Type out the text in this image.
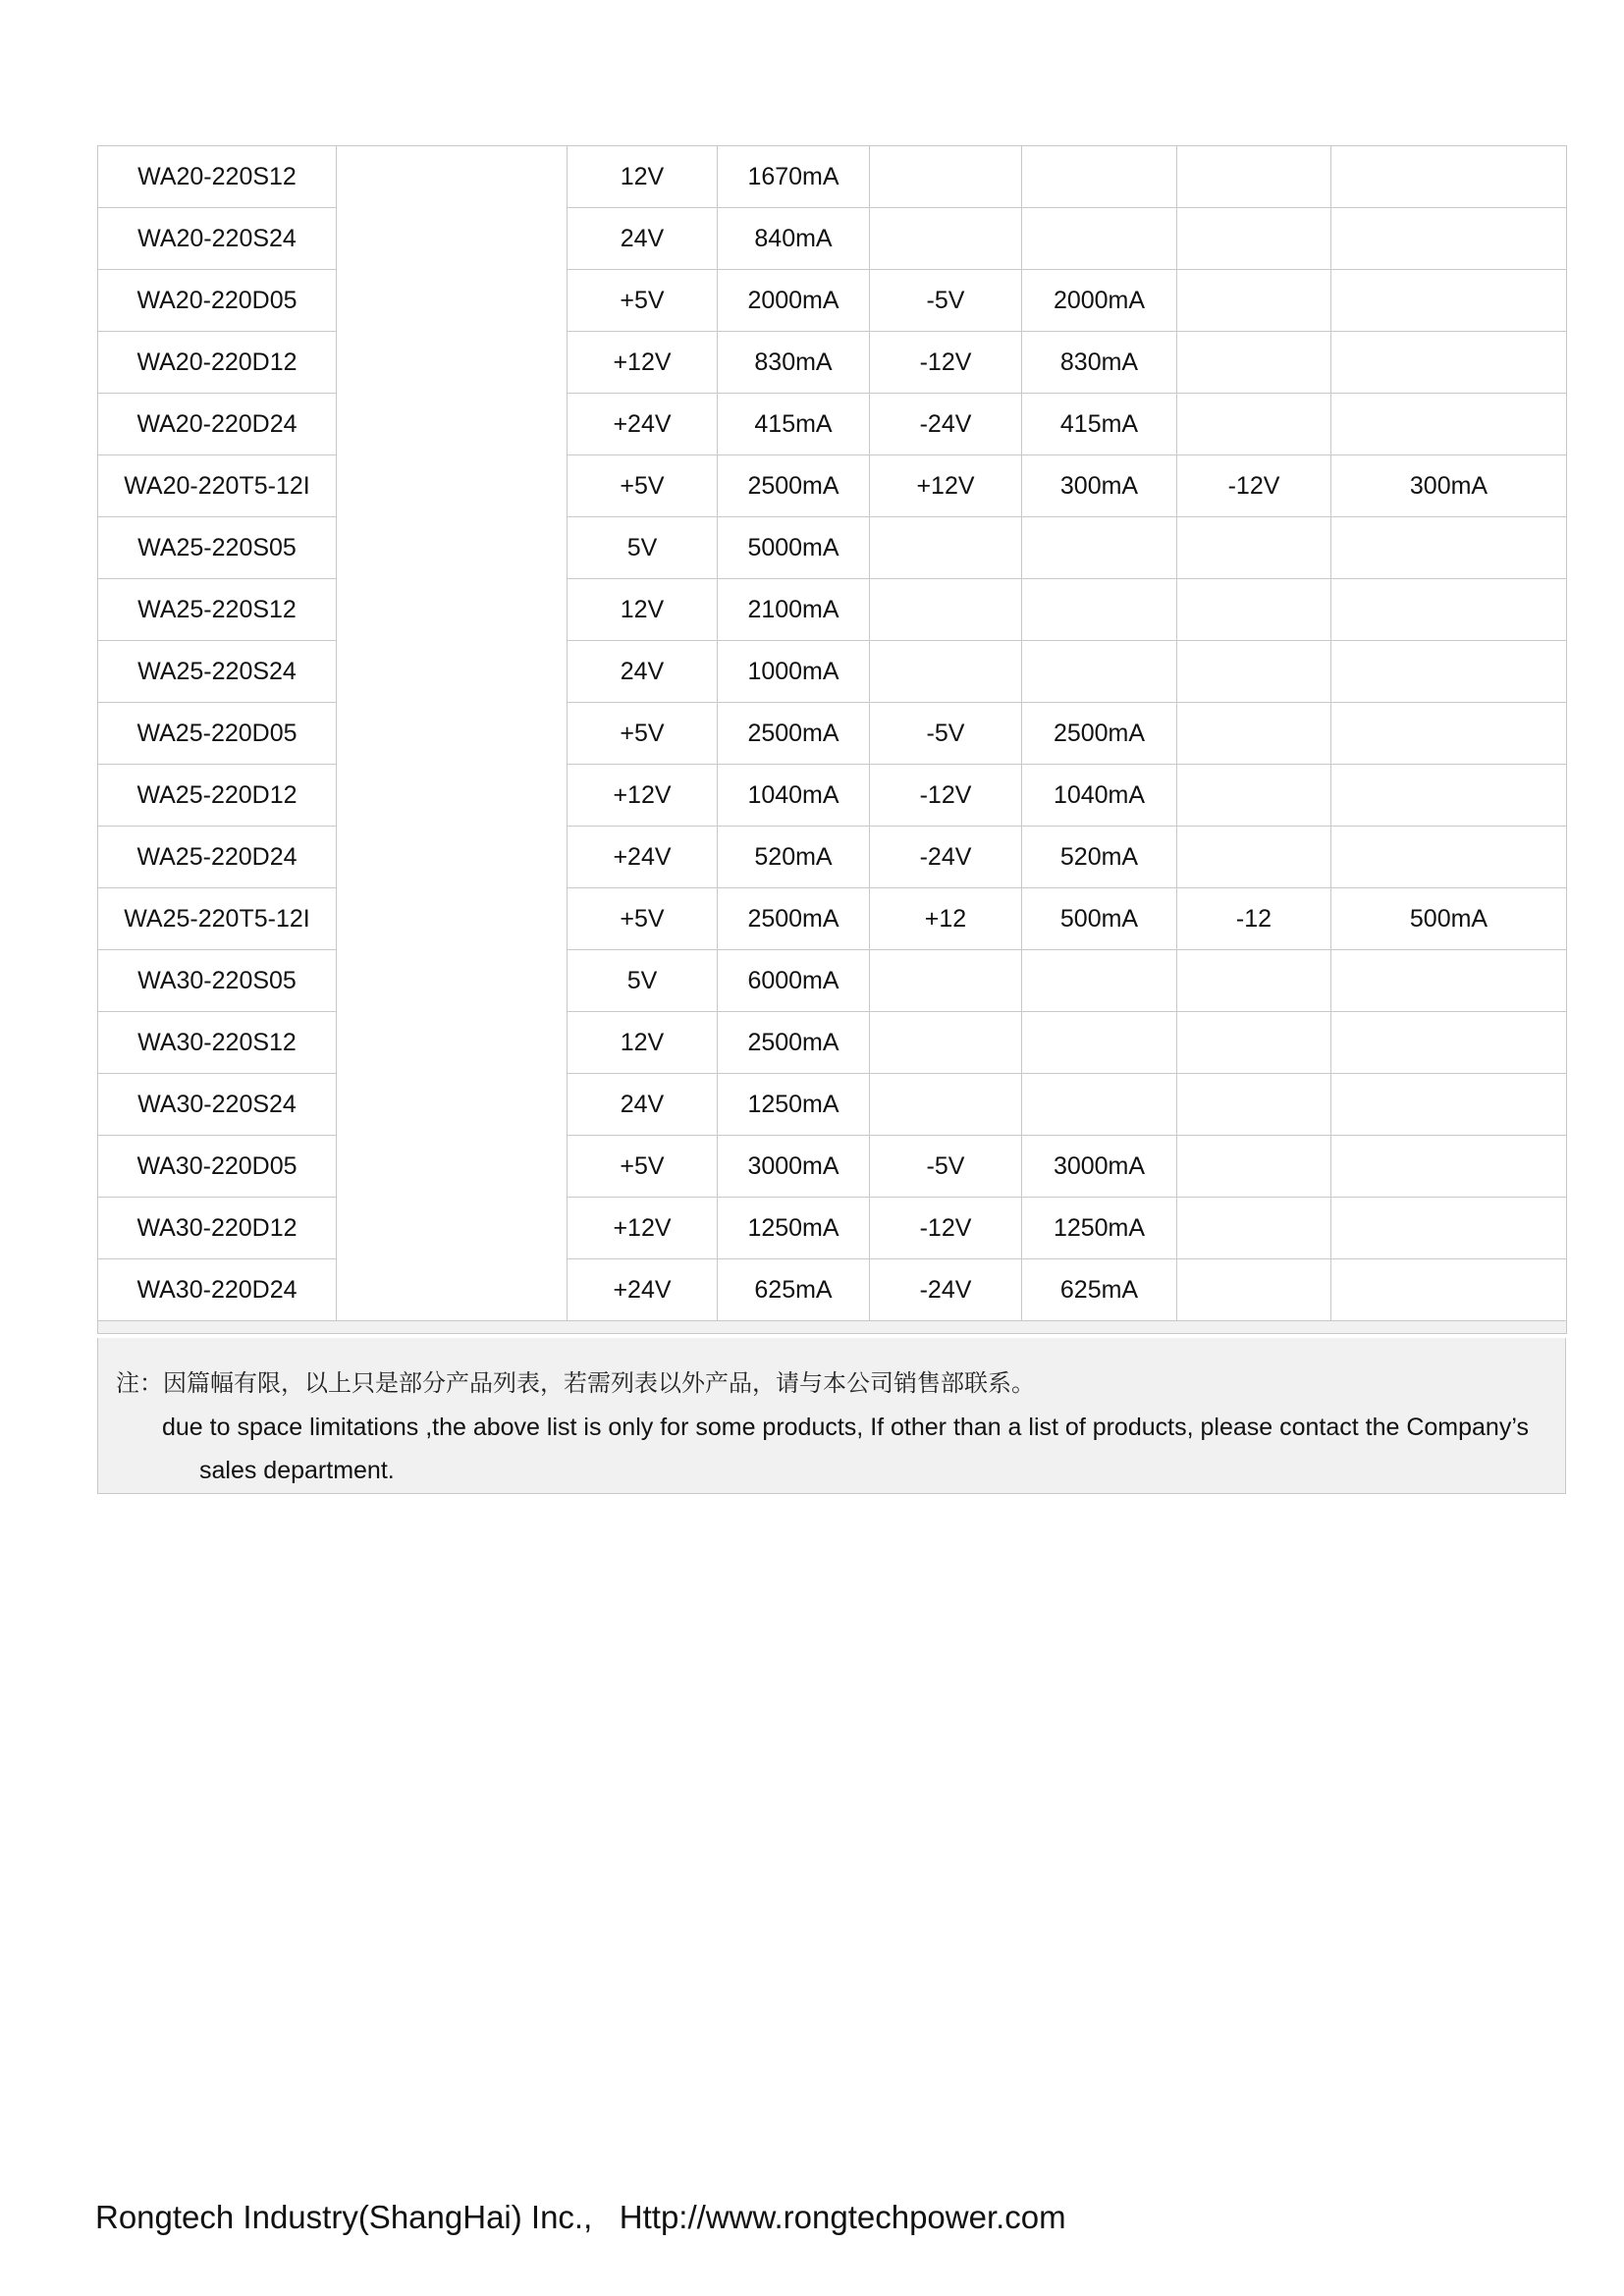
WA20-220S12		12V	1670mA				
WA20-220S24		24V	840mA				
WA20-220D05		+5V	2000mA	-5V	2000mA		
WA20-220D12		+12V	830mA	-12V	830mA		
WA20-220D24		+24V	415mA	-24V	415mA		
WA20-220T5-12I		+5V	2500mA	+12V	300mA	-12V	300mA
WA25-220S05		5V	5000mA				
WA25-220S12		12V	2100mA				
WA25-220S24		24V	1000mA				
WA25-220D05		+5V	2500mA	-5V	2500mA		
WA25-220D12		+12V	1040mA	-12V	1040mA		
WA25-220D24		+24V	520mA	-24V	520mA		
WA25-220T5-12I		+5V	2500mA	+12	500mA	-12	500mA
WA30-220S05		5V	6000mA				
WA30-220S12		12V	2500mA				
WA30-220S24		24V	1250mA				
WA30-220D05		+5V	3000mA	-5V	3000mA		
WA30-220D12		+12V	1250mA	-12V	1250mA		
WA30-220D24		+24V	625mA	-24V	625mA		

注：因篇幅有限，以上只是部分产品列表，若需列表以外产品，请与本公司销售部联系。
due to space limitations ,the above list is only for some products, If other than a list of products, please contact the Company’s
sales department.
Rongtech Industry(ShangHai) Inc., Http://www.rongtechpower.com
